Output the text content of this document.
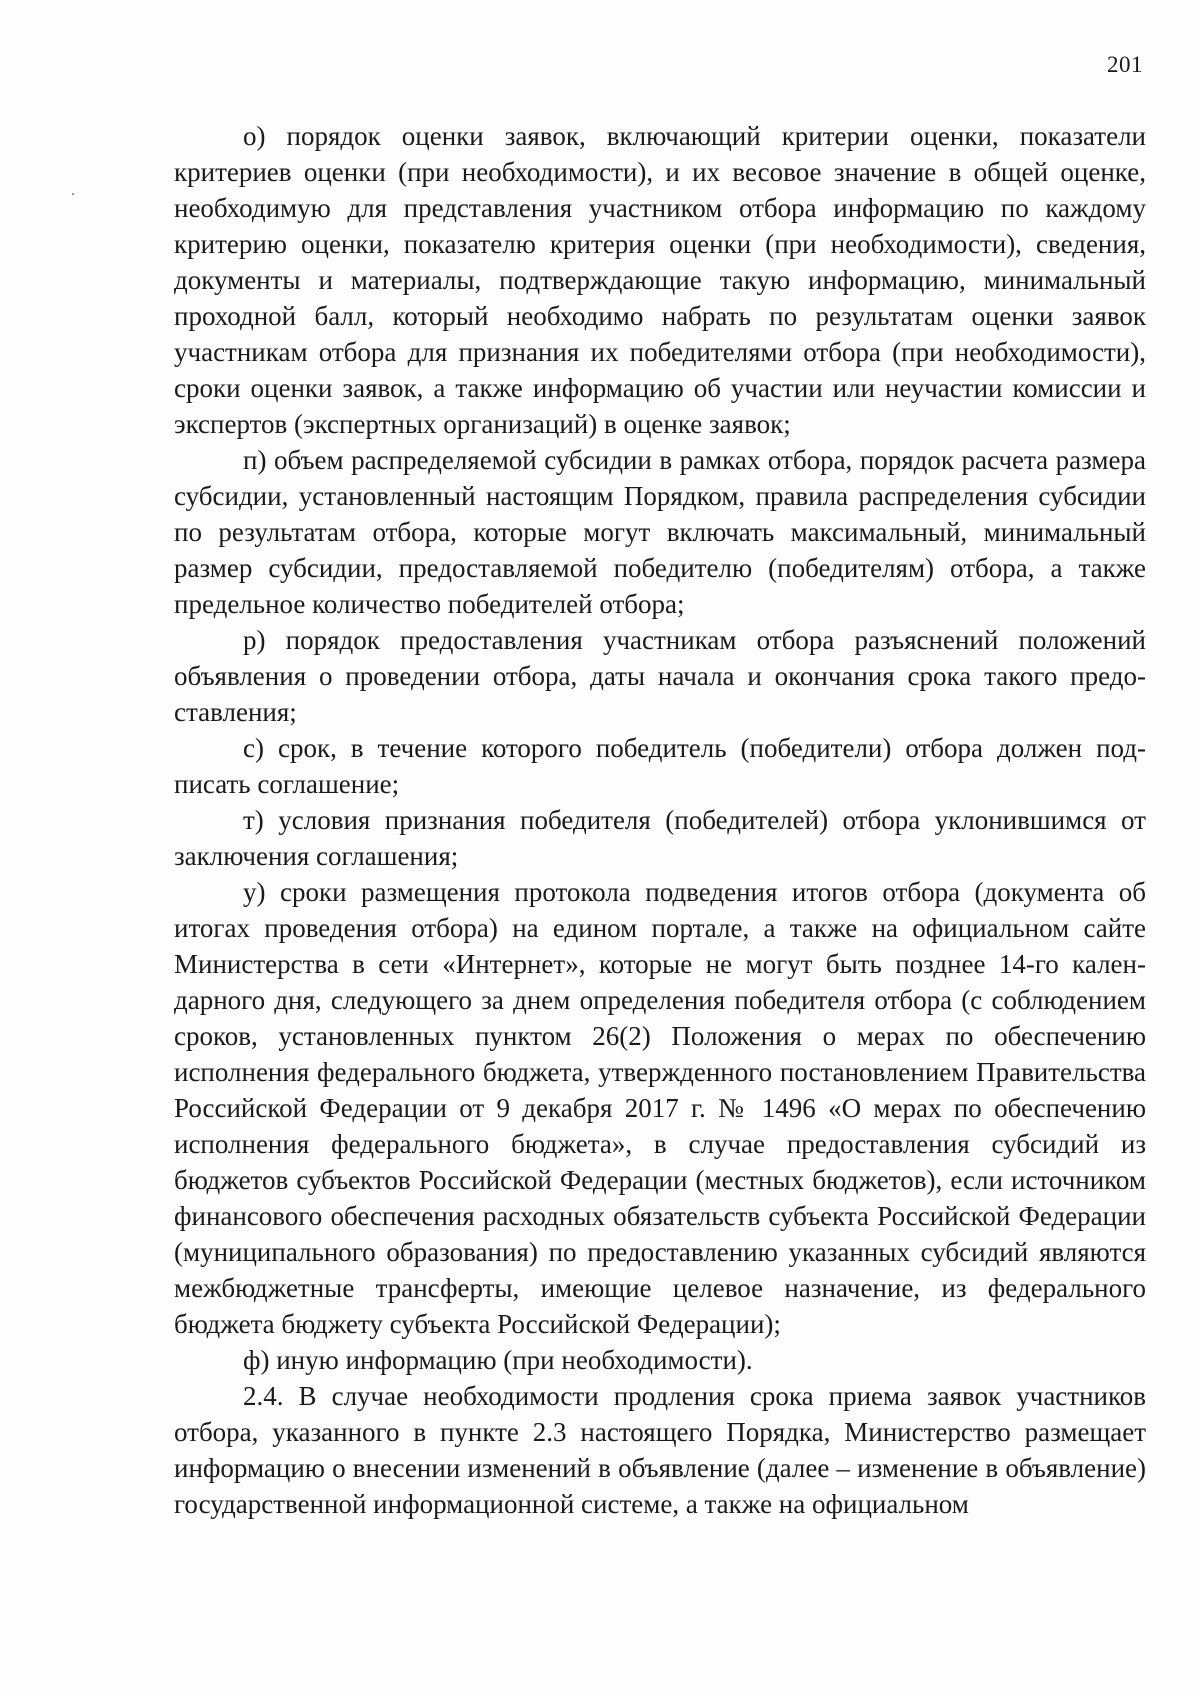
201

о) порядок оценки заявок, включающий критерии оценки, показатели критериев оценки (при необходимости), и их весовое значение в общей оценке, необходимую для представления участником отбора информацию по каждому критерию оценки, показателю критерия оценки (при необходимости), сведения, документы и материалы, подтверждающие такую информацию, минимальный проходной балл, который необходимо набрать по результатам оценки заявок участникам отбора для признания их победителями отбора (при необходимости), сроки оценки заявок, а также информацию об участии или неучастии комиссии и экспертов (экспертных организаций) в оценке заявок;

п) объем распределяемой субсидии в рамках отбора, порядок расчета размера субсидии, установленный настоящим Порядком, правила распределения субсидии по результатам отбора, которые могут включать максимальный, минимальный размер субсидии, предоставляемой победителю (победителям) отбора, а также предельное количество победителей отбора;

р) порядок предоставления участникам отбора разъяснений положений объявления о проведении отбора, даты начала и окончания срока такого предоставления;

с) срок, в течение которого победитель (победители) отбора должен подписать соглашение;

т) условия признания победителя (победителей) отбора уклонившимся от заключения соглашения;

у) сроки размещения протокола подведения итогов отбора (документа об итогах проведения отбора) на едином портале, а также на официальном сайте Министерства в сети «Интернет», которые не могут быть позднее 14-го календарного дня, следующего за днем определения победителя отбора (с соблюдением сроков, установленных пунктом 26(2) Положения о мерах по обеспечению исполнения федерального бюджета, утвержденного постановлением Правительства Российской Федерации от 9 декабря 2017 г. № 1496 «О мерах по обеспечению исполнения федерального бюджета», в случае предоставления субсидий из бюджетов субъектов Российской Федерации (местных бюджетов), если источником финансового обеспечения расходных обязательств субъекта Российской Федерации (муниципального образования) по предоставлению указанных субсидий являются межбюджетные трансферты, имеющие целевое назначение, из федерального бюджета бюджету субъекта Российской Федерации);

ф) иную информацию (при необходимости).

2.4. В случае необходимости продления срока приема заявок участников отбора, указанного в пункте 2.3 настоящего Порядка, Министерство размещает информацию о внесении изменений в объявление (далее – изменение в объявление) государственной информационной системе, а также на официальном
